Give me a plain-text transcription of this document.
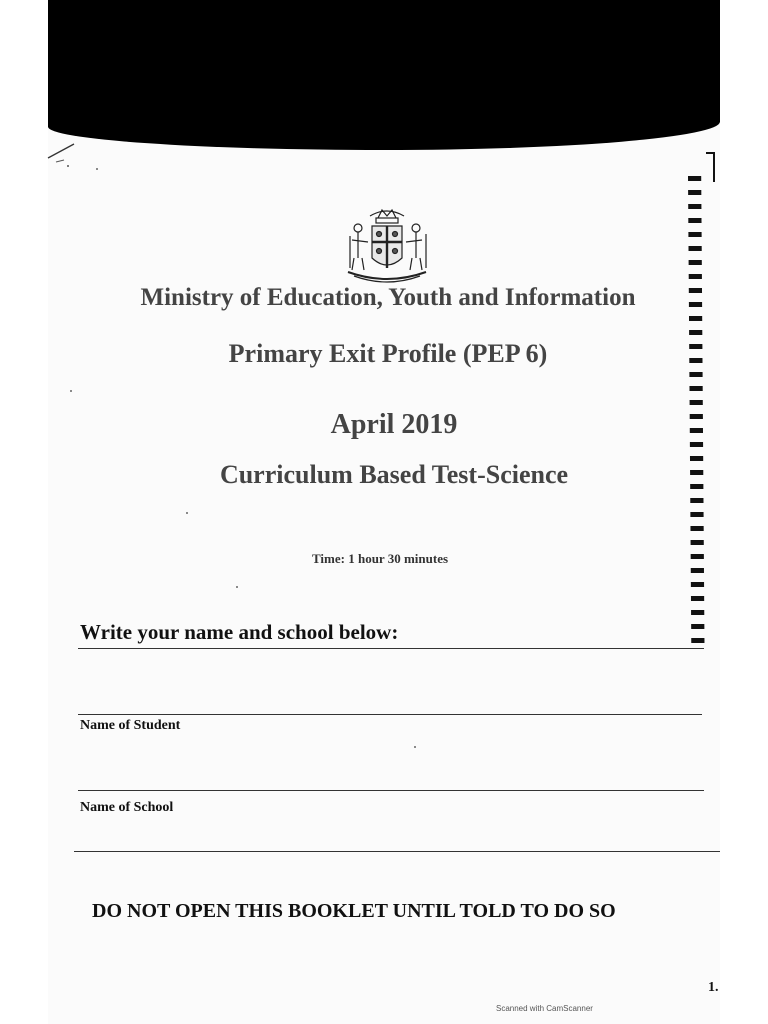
Ministry of Education, Youth and Information
Primary Exit Profile (PEP 6)
April 2019
Curriculum Based Test-Science
Time: 1 hour 30 minutes
Write your name and school below:
Name of Student
Name of School
DO NOT OPEN THIS BOOKLET UNTIL TOLD TO DO SO
1.
Scanned with CamScanner
